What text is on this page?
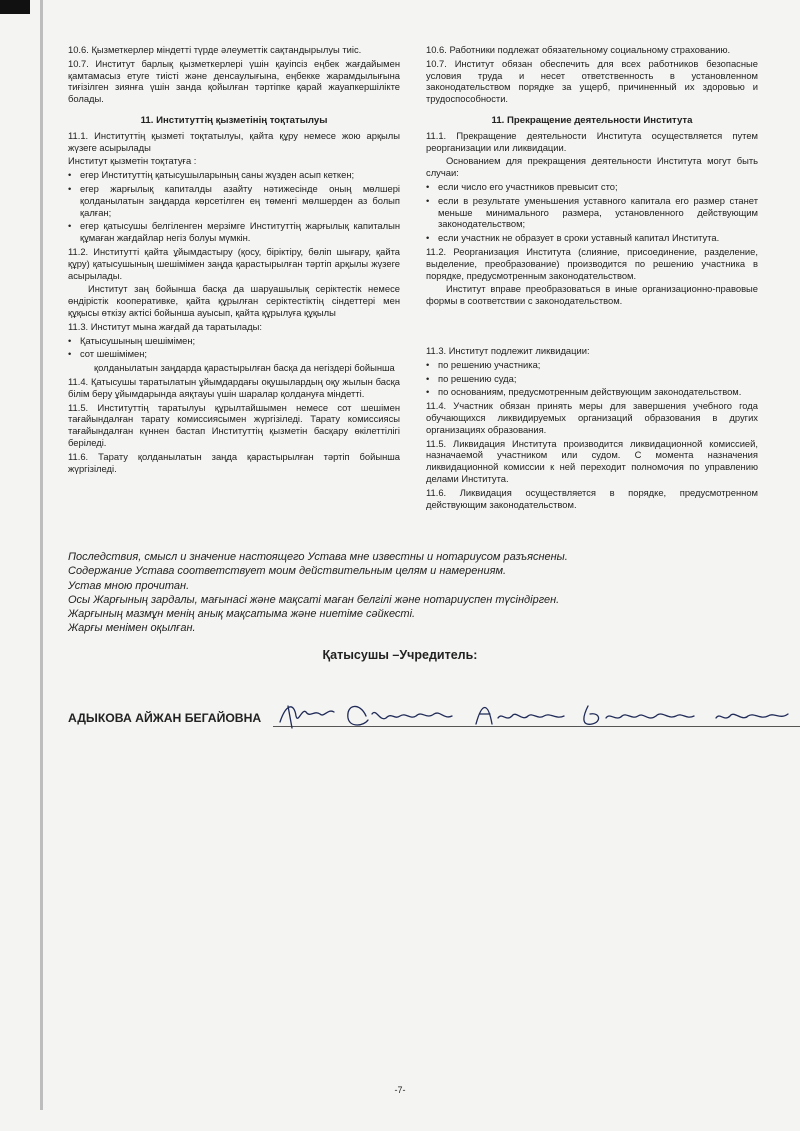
10.6. Қызметкерлер міндетті түрде әлеуметтік сақтандырылуы тиіс.

10.7. Институт барлық қызметкерлері үшін қауіпсіз еңбек жағдайымен қамтамасыз етуге тиісті және денсаулығына, еңбекке жарамдылығына тиғізілген зиянға үшін занда қойылған тәртіпке қарай жауапкершілікте болады.

11. Институттің қызметінің тоқтатылуы

11.1. Институттің қызметі тоқтатылуы, қайта құру немесе жою арқылы жүзеге асырылады

Институт қызметін тоқтатуға :

• егер Институттің қатысушыларының саны жүзден асып кеткен;

• егер жарғылық капиталды азайту нәтижесінде оның мөлшері қолданылатын заңдарда көрсетілген ең төменгі мөлшерден аз болып қалған;

• егер қатысушы белгіленген мерзімге Институттің жарғылық капиталын құмаған жағдайлар негіз болуы мүмкін.

11.2. Институтті қайта ұйымдастыру (қосу, біріктіру, бөліп шығару, қайта құру) қатысушының шешімімен заңда қарастырылған тәртіп арқылы жүзеге асырылады.

Институт заң бойынша басқа да шаруашылық серіктестік немесе өндірістік кооперативке, қайта құрылған серіктестіктің сіндеттері мен құқысы өткізу актісі бойынша ауысып, қайта құрылуға құқылы

11.3. Институт мына жағдай да таратылады:

• Қатысушының шешімімен;

• сот шешімімен;

қолданылатын заңдарда қарастырылған басқа да негіздері бойынша

11.4. Қатысушы таратылатын ұйымдардағы оқушылардың оқу жылын басқа білім беру ұйымдарында аяқтауы үшін шаралар қолдануға міндетті.

11.5. Институттің таратылуы құрылтайшымен немесе сот шешімен тағайындалған тарату комиссиясымен жүргізіледі. Тарату комиссиясы тағайындалған күннен бастап Институттің қызметін басқару өкілеттілігі беріледі.

11.6. Тарату қолданылатын заңда қарастырылған тәртіп бойынша жүргізіледі.

10.6. Работники подлежат обязательному социальному страхованию.

10.7. Институт обязан обеспечить для всех работников безопасные условия труда и несет ответственность в установленном законодательством порядке за ущерб, причиненный их здоровью и трудоспособности.

11. Прекращение деятельности Института

11.1. Прекращение деятельности Института осуществляется путем реорганизации или ликвидации.

Основанием для прекращения деятельности Института могут быть случаи:

• если число его участников превысит сто;

• если в результате уменьшения уставного капитала его размер станет меньше минимального размера, установленного действующим законодательством;

• если участник не образует в сроки уставный капитал Института.

11.2. Реорганизация Института (слияние, присоединение, разделение, выделение, преобразование) производится по решению участника в порядке, предусмотренным законодательством.

Институт вправе преобразоваться в иные организационно-правовые формы в соответствии с законодательством.

11.3. Институт подлежит ликвидации:

• по решению участника;

• по решению суда;

• по основаниям, предусмотренным действующим законодательством.

11.4. Участник обязан принять меры для завершения учебного года обучающихся ликвидируемых организаций образования в других организациях образования.

11.5. Ликвидация Института производится ликвидационной комиссией, назначаемой участником или судом. С момента назначения ликвидационной комиссии к ней переходит полномочия по управлению делами Института.

11.6. Ликвидация осуществляется в порядке, предусмотренном действующим законодательством.

Последствия, смысл и значение настоящего Устава мне известны и нотариусом разъяснены.
Содержание Устава соответствует моим действительным целям и намерениям.
Устав мною прочитан.
Осы Жарғының зардалы, мағынасі және мақсаті маған белгілі және нотариуспен түсіндірген.
Жарғының мазмұн менің анық мақсатыма және ниетіме сәйкесті.
Жарғы менімен оқылған.
Қатысушы –Учредитель:
АДЫКОВА АЙЖАН БЕГАЙОВНА
-7-
